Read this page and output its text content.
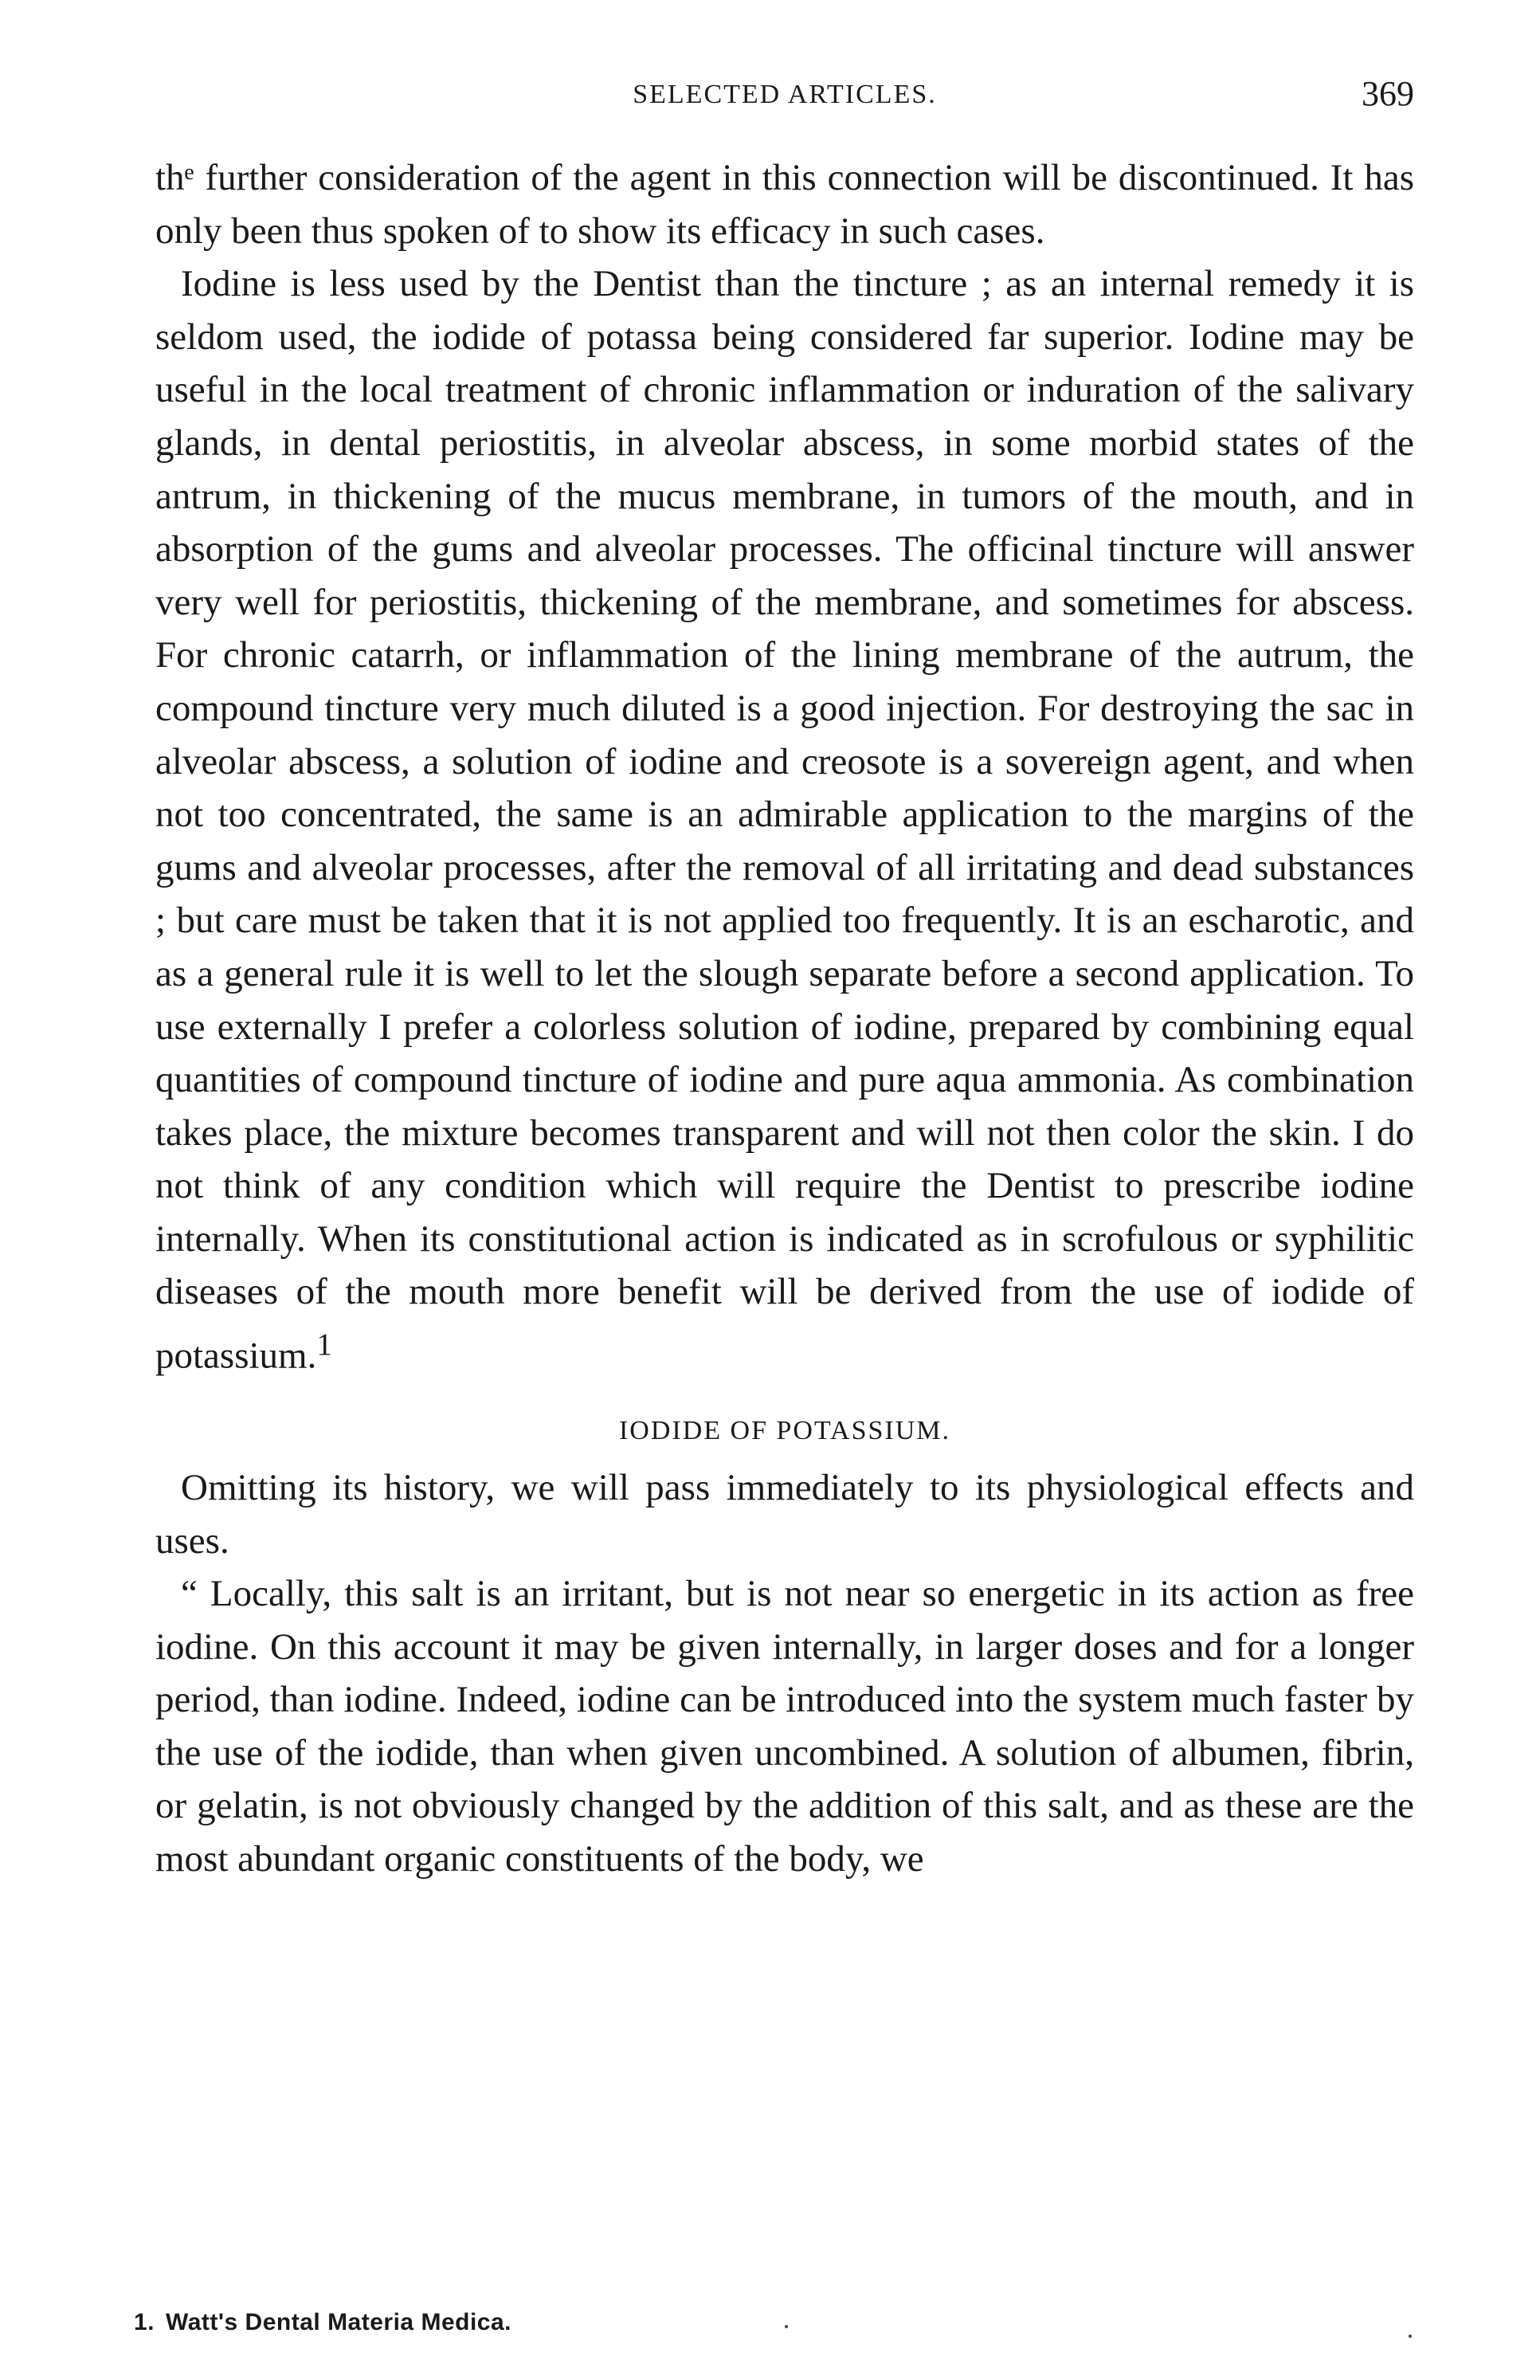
SELECTED ARTICLES.	369

thᵉ further consideration of the agent in this connection will be discontinued. It has only been thus spoken of to show its efficacy in such cases.

Iodine is less used by the Dentist than the tincture ; as an internal remedy it is seldom used, the iodide of potassa being considered far superior. Iodine may be useful in the local treatment of chronic inflammation or induration of the salivary glands, in dental periostitis, in alveolar abscess, in some morbid states of the antrum, in thickening of the mucus membrane, in tumors of the mouth, and in absorption of the gums and alveolar processes. The officinal tincture will answer very well for periostitis, thickening of the membrane, and sometimes for abscess. For chronic catarrh, or inflammation of the lining membrane of the autrum, the compound tincture very much diluted is a good injection. For destroying the sac in alveolar abscess, a solution of iodine and creosote is a sovereign agent, and when not too concentrated, the same is an admirable application to the margins of the gums and alveolar processes, after the removal of all irritating and dead substances ; but care must be taken that it is not applied too frequently. It is an escharotic, and as a general rule it is well to let the slough separate before a second application. To use externally I prefer a colorless solution of iodine, prepared by combining equal quantities of compound tincture of iodine and pure aqua ammonia. As combination takes place, the mixture becomes transparent and will not then color the skin. I do not think of any condition which will require the Dentist to prescribe iodine internally. When its constitutional action is indicated as in scrofulous or syphilitic diseases of the mouth more benefit will be derived from the use of iodide of potassium.$^1$

IODIDE OF POTASSIUM.

Omitting its history, we will pass immediately to its physiological effects and uses.

“ Locally, this salt is an irritant, but is not near so energetic in its action as free iodine. On this account it may be given internally, in larger doses and for a longer period, than iodine. Indeed, iodine can be introduced into the system much faster by the use of the iodide, than when given uncombined. A solution of albumen, fibrin, or gelatin, is not obviously changed by the addition of this salt, and as these are the most abundant organic constituents of the body, we

1. Watt's Dental Materia Medica.
